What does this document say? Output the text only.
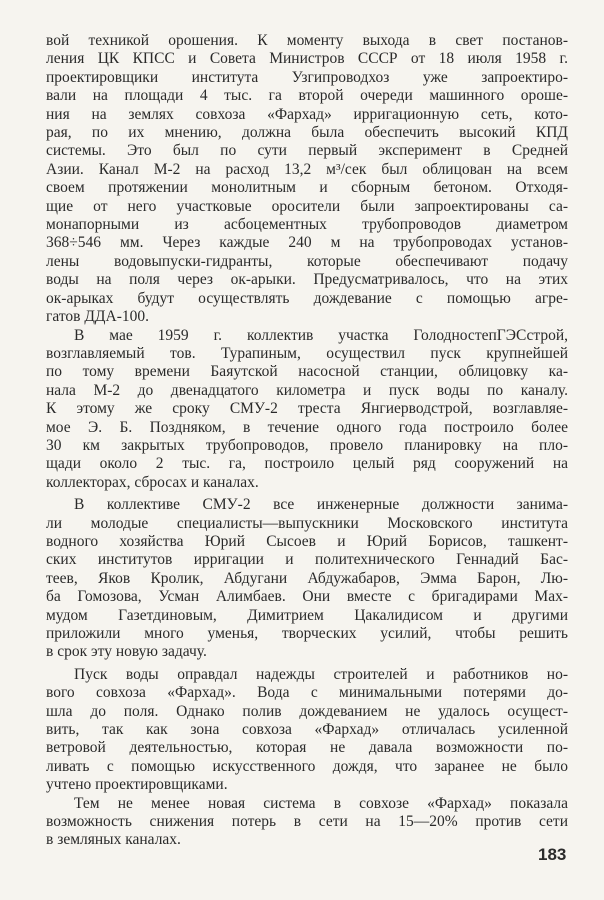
вой техникой орошения. К моменту выхода в свет постанов-
ления ЦК КПСС и Совета Министров СССР от 18 июля 1958 г.
проектировщики института Узгипроводхоз уже запроектиро-
вали на площади 4 тыс. га второй очереди машинного ороше-
ния на землях совхоза «Фархад» ирригационную сеть, кото-
рая, по их мнению, должна была обеспечить высокий КПД
системы. Это был по сути первый эксперимент в Средней
Азии. Канал М-2 на расход 13,2 м³/сек был облицован на всем
своем протяжении монолитным и сборным бетоном. Отходя-
щие от него участковые оросители были запроектированы са-
монапорными из асбоцементных трубопроводов диаметром
368÷546 мм. Через каждые 240 м на трубопроводах установ-
лены водовыпуски-гидранты, которые обеспечивают подачу
воды на поля через ок-арыки. Предусматривалось, что на этих
ок-арыках будут осуществлять дождевание с помощью агре-
гатов ДДА-100.

В мае 1959 г. коллектив участка ГолодностепГЭСстрой,
возглавляемый тов. Турапиным, осуществил пуск крупнейшей
по тому времени Баяутской насосной станции, облицовку ка-
нала М-2 до двенадцатого километра и пуск воды по каналу.
К этому же сроку СМУ-2 треста Янгиерводстрой, возглавляе-
мое Э. Б. Поздняком, в течение одного года построило более
30 км закрытых трубопроводов, провело планировку на пло-
щади около 2 тыс. га, построило целый ряд сооружений на
коллекторах, сбросах и каналах.

В коллективе СМУ-2 все инженерные должности занима-
ли молодые специалисты—выпускники Московского института
водного хозяйства Юрий Сысоев и Юрий Борисов, ташкент-
ских институтов ирригации и политехнического Геннадий Бас-
теев, Яков Кролик, Абдугани Абдужабаров, Эмма Барон, Лю-
ба Гомозова, Усман Алимбаев. Они вместе с бригадирами Мах-
мудом Газетдиновым, Димитрием Цакалидисом и другими
приложили много уменья, творческих усилий, чтобы решить
в срок эту новую задачу.

Пуск воды оправдал надежды строителей и работников но-
вого совхоза «Фархад». Вода с минимальными потерями до-
шла до поля. Однако полив дождеванием не удалось осущест-
вить, так как зона совхоза «Фархад» отличалась усиленной
ветровой деятельностью, которая не давала возможности по-
ливать с помощью искусственного дождя, что заранее не было
учтено проектировщиками.

Тем не менее новая система в совхозе «Фархад» показала
возможность снижения потерь в сети на 15—20% против сети
в земляных каналах.

183
